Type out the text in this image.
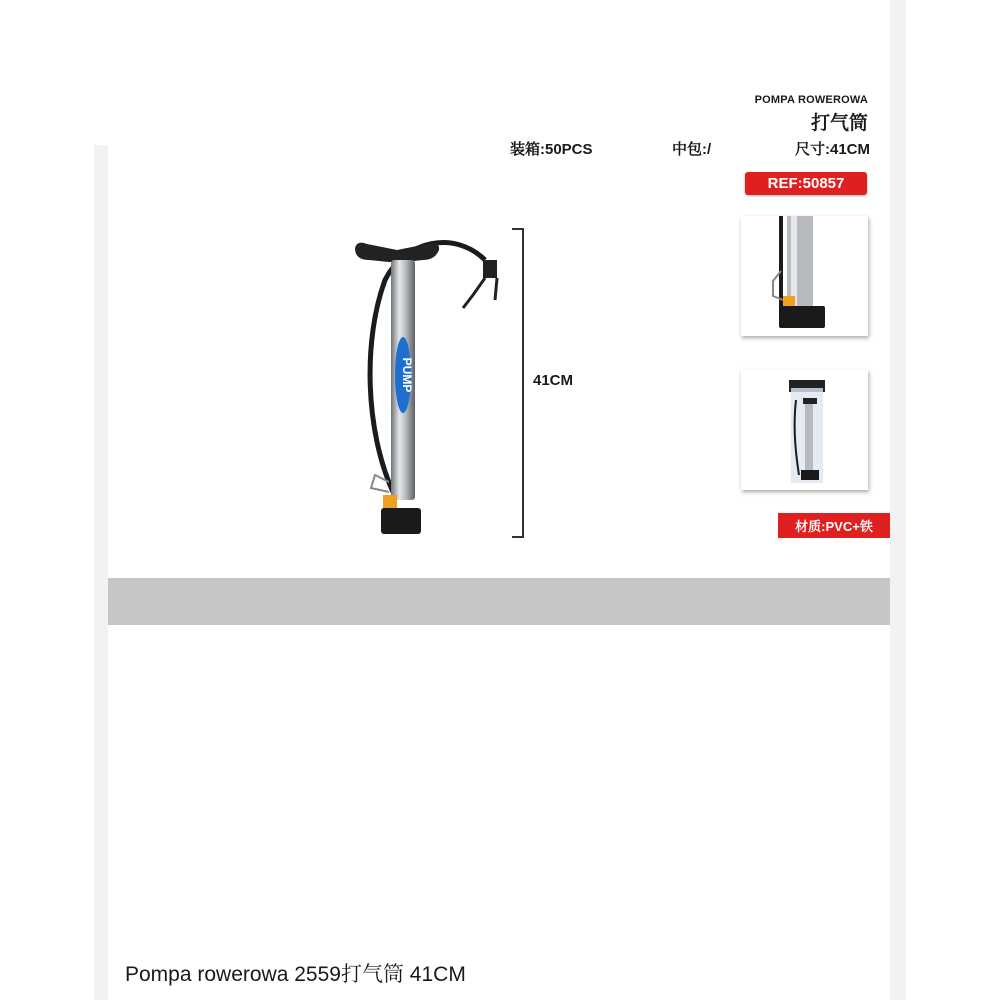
POMPA ROWEROWA
打气筒
装箱:50PCS	中包:/	尺寸:41CM
REF:50857
PUMP	41CM
材质:PVC+铁
Pompa rowerowa 2559打气筒 41CM
